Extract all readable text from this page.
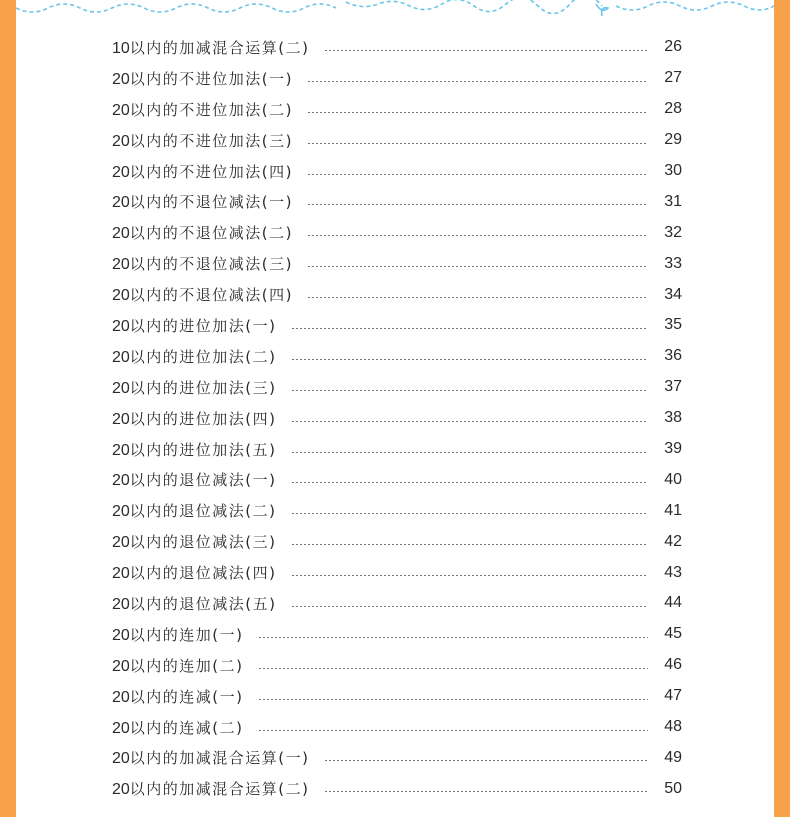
10以内的加减混合运算(二)	26
20以内的不进位加法(一)	27
20以内的不进位加法(二)	28
20以内的不进位加法(三)	29
20以内的不进位加法(四)	30
20以内的不退位减法(一)	31
20以内的不退位减法(二)	32
20以内的不退位减法(三)	33
20以内的不退位减法(四)	34
20以内的进位加法(一)	35
20以内的进位加法(二)	36
20以内的进位加法(三)	37
20以内的进位加法(四)	38
20以内的进位加法(五)	39
20以内的退位减法(一)	40
20以内的退位减法(二)	41
20以内的退位减法(三)	42
20以内的退位减法(四)	43
20以内的退位减法(五)	44
20以内的连加(一)	45
20以内的连加(二)	46
20以内的连减(一)	47
20以内的连减(二)	48
20以内的加减混合运算(一)	49
20以内的加减混合运算(二)	50
